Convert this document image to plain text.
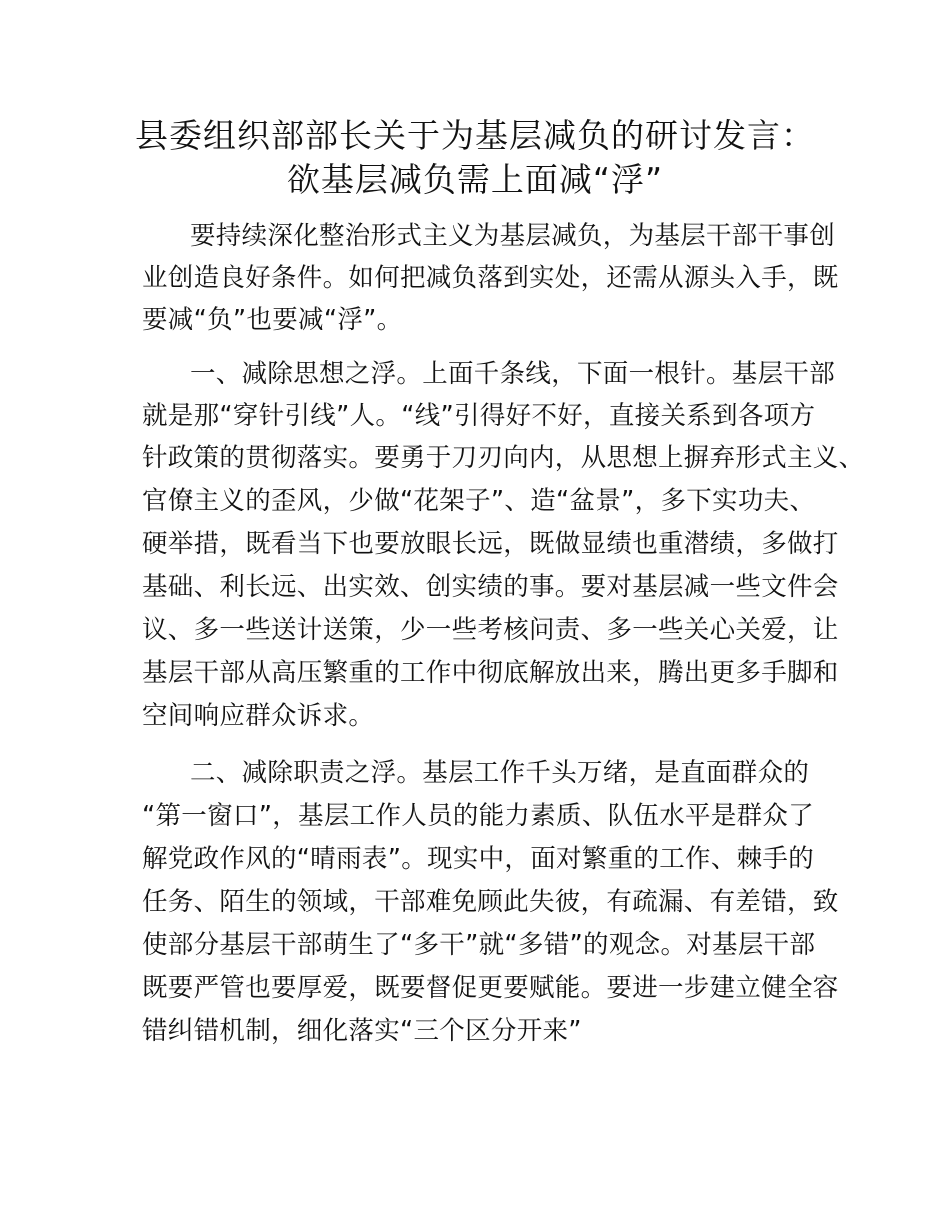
县委组织部部长关于为基层减负的研讨发言：
欲基层减负需上面减“浮”
要持续深化整治形式主义为基层减负，为基层干部干事创
业创造良好条件。如何把减负落到实处，还需从源头入手，既
要减“负”也要减“浮”。
一、减除思想之浮。上面千条线，下面一根针。基层干部
就是那“穿针引线”人。“线”引得好不好，直接关系到各项方
针政策的贯彻落实。要勇于刀刃向内，从思想上摒弃形式主义、
官僚主义的歪风，少做“花架子”、造“盆景”，多下实功夫、
硬举措，既看当下也要放眼长远，既做显绩也重潜绩，多做打
基础、利长远、出实效、创实绩的事。要对基层减一些文件会
议、多一些送计送策，少一些考核问责、多一些关心关爱，让
基层干部从高压繁重的工作中彻底解放出来，腾出更多手脚和
空间响应群众诉求。
二、减除职责之浮。基层工作千头万绪，是直面群众的
“第一窗口”，基层工作人员的能力素质、队伍水平是群众了
解党政作风的“晴雨表”。现实中，面对繁重的工作、棘手的
任务、陌生的领域，干部难免顾此失彼，有疏漏、有差错，致
使部分基层干部萌生了“多干”就“多错”的观念。对基层干部
既要严管也要厚爱，既要督促更要赋能。要进一步建立健全容
错纠错机制，细化落实“三个区分开来”
